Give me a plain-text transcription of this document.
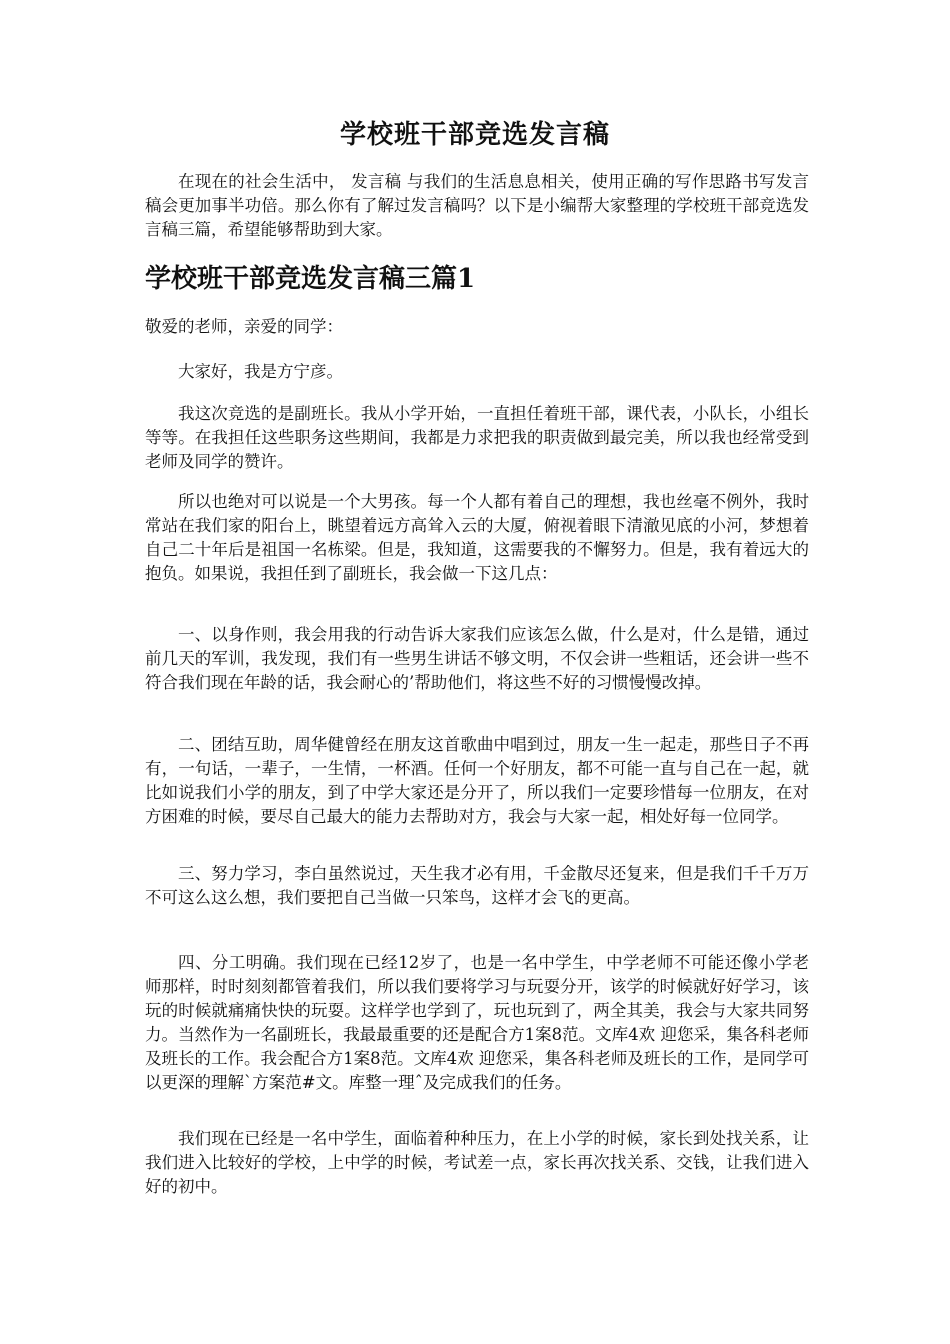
学校班干部竞选发言稿

在现在的社会生活中， 发言稿 与我们的生活息息相关，使用正确的写作思路书写发言稿会更加事半功倍。那么你有了解过发言稿吗？以下是小编帮大家整理的学校班干部竞选发言稿三篇，希望能够帮助到大家。

学校班干部竞选发言稿三篇1

敬爱的老师，亲爱的同学：

大家好，我是方宁彦。

我这次竞选的是副班长。我从小学开始，一直担任着班干部，课代表，小队长，小组长等等。在我担任这些职务这些期间，我都是力求把我的职责做到最完美，所以我也经常受到老师及同学的赞许。

所以也绝对可以说是一个大男孩。每一个人都有着自己的理想，我也丝毫不例外，我时常站在我们家的阳台上，眺望着远方高耸入云的大厦，俯视着眼下清澈见底的小河，梦想着自己二十年后是祖国一名栋梁。但是，我知道，这需要我的不懈努力。但是，我有着远大的抱负。如果说，我担任到了副班长，我会做一下这几点：

一、以身作则，我会用我的行动告诉大家我们应该怎么做，什么是对，什么是错，通过前几天的军训，我发现，我们有一些男生讲话不够文明，不仅会讲一些粗话，还会讲一些不符合我们现在年龄的话，我会耐心的’帮助他们，将这些不好的习惯慢慢改掉。

二、团结互助，周华健曾经在朋友这首歌曲中唱到过，朋友一生一起走，那些日子不再有，一句话，一辈子，一生情，一杯酒。任何一个好朋友，都不可能一直与自己在一起，就比如说我们小学的朋友，到了中学大家还是分开了，所以我们一定要珍惜每一位朋友，在对方困难的时候，要尽自己最大的能力去帮助对方，我会与大家一起，相处好每一位同学。

三、努力学习，李白虽然说过，天生我才必有用，千金散尽还复来，但是我们千千万万不可这么这么想，我们要把自己当做一只笨鸟，这样才会飞的更高。

四、分工明确。我们现在已经12岁了，也是一名中学生，中学老师不可能还像小学老师那样，时时刻刻都管着我们，所以我们要将学习与玩耍分开，该学的时候就好好学习，该玩的时候就痛痛快快的玩耍。这样学也学到了，玩也玩到了，两全其美，我会与大家共同努力。当然作为一名副班长，我最最重要的还是配合方1案8范。文库4欢 迎您采，集各科老师及班长的工作。我会配合方1案8范。文库4欢 迎您采，集各科老师及班长的工作，是同学可以更深的理解`方案范#文。库整一理ˆ及完成我们的任务。

我们现在已经是一名中学生，面临着种种压力，在上小学的时候，家长到处找关系，让我们进入比较好的学校，上中学的时候，考试差一点，家长再次找关系、交钱，让我们进入好的初中。
